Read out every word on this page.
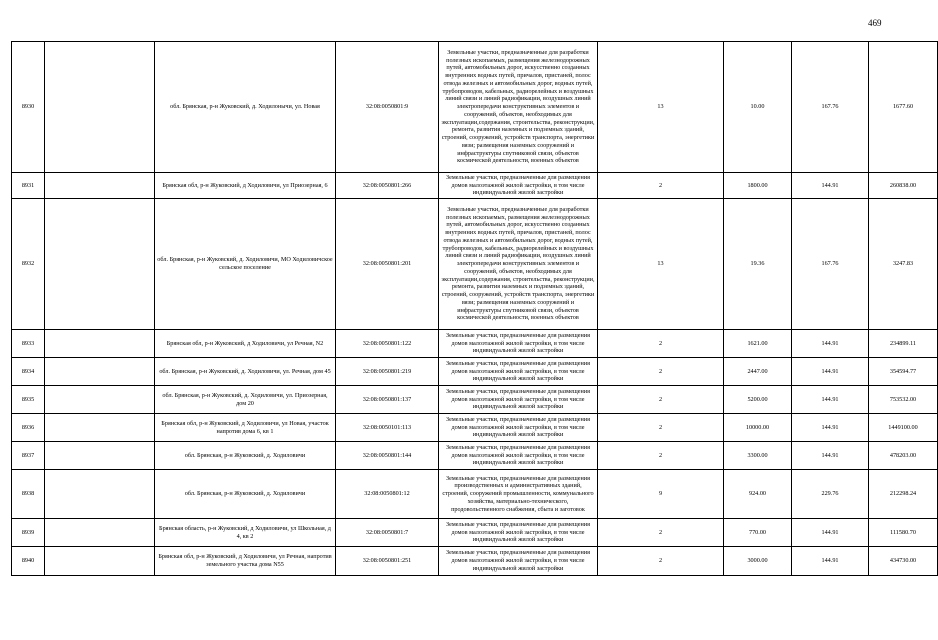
469
8930		обл. Брянская, р-н Жуковский, д. Ходилонычи, ул. Новая	32:08:0050801:9	Земельные участки, предназначенные для разработки полезных ископаемых, размещения железнодорожных путей, автомобильных дорог, искусственно созданных внутренних водных путей, причалов, пристаней, полос отвода железных и автомобильных дорог, водных путей, трубопроводов, кабельных, радиорелейных и воздушных линий связи и линий радиофикации, воздушных линий электропередачи конструктивных элементов и сооружений, объектов, необходимых для эксплуатации,содержания, строительства, реконструкции, ремонта, развития наземных и подземных зданий, строений, сооружений, устройств транспорта, энергетики вязи; размещения наземных сооружений и инфраструктуры спутниковой связи, объектов космической деятельности, военных объектов	13	10.00	167.76	1677.60
8931		Брянская обл, р-н Жуковский, д Ходиловичи, ул Приозерная, 6	32:08:0050801:266	Земельные участки, предназначенные для размещения домов малоэтажной жилой застройки, в том числе индивидуальной жилой застройки	2	1800.00	144.91	260838.00
8932		обл. Брянская, р-н Жуковский, д. Ходиловичи, МО Ходиловичское сельское поселение	32:08:0050801:201	Земельные участки, предназначенные для разработки полезных ископаемых, размещения железнодорожных путей, автомобильных дорог, искусственно созданных внутренних водных путей, причалов, пристаней, полос отвода железных и автомобильных дорог, водных путей, трубопроводов, кабельных, радиорелейных и воздушных линий связи и линий радиофикации, воздушных линий электропередачи конструктивных элементов и сооружений, объектов, необходимых для эксплуатации,содержания, строительства, реконструкции, ремонта, развития наземных и подземных зданий, строений, сооружений, устройств транспорта, энергетики вязи; размещения наземных сооружений и инфраструктуры спутниковой связи, объектов космической деятельности, военных объектов	13	19.36	167.76	3247.83
8933		Брянская обл, р-н Жуковский, д Ходиловичи, ул Речная, N2	32:08:0050801:122	Земельные участки, предназначенные для размещения домов малоэтажной жилой застройки, в том числе индивидуальной жилой застройки	2	1621.00	144.91	234899.11
8934		обл. Брянская, р-н Жуковский, д. Ходиловичи, ул. Речная, дом 45	32:08:0050801:219	Земельные участки, предназначенные для размещения домов малоэтажной жилой застройки, в том числе индивидуальной жилой застройки	2	2447.00	144.91	354594.77
8935		обл. Брянская, р-н Жуковский, д. Ходиловичи, ул. Приозерная, дом 20	32:08:0050801:137	Земельные участки, предназначенные для размещения домов малоэтажной жилой застройки, в том числе индивидуальной жилой застройки	2	5200.00	144.91	753532.00
8936		Брянская обл, р-н Жуковский, д Ходиловичи, ул Новая, участок напротив дома 6, кв 1	32:08:0050101:113	Земельные участки, предназначенные для размещения домов малоэтажной жилой застройки, в том числе индивидуальной жилой застройки	2	10000.00	144.91	1449100.00
8937		обл. Брянская, р-н Жуковский, д. Ходиловичи	32:08:0050801:144	Земельные участки, предназначенные для размещения домов малоэтажной жилой застройки, в том числе индивидуальной жилой застройки	2	3300.00	144.91	478203.00
8938		обл. Брянская, р-н Жуковский, д. Ходиловичи	32:08:0050801:12	Земельные участки, предназначенные для размещения производственных и административных зданий, строений, сооружений промышленности, коммунального хозяйства, материально-технического, продовольственного снабжения, сбыта и заготовок	9	924.00	229.76	212298.24
8939		Брянская область, р-н Жуковский, д Ходиловичи, ул Школьная, д 4, кв 2	32:08:0050801:7	Земельные участки, предназначенные для размещения домов малоэтажной жилой застройки, в том числе индивидуальной жилой застройки	2	770.00	144.91	111580.70
8940		Брянская обл, р-н Жуковский, д Ходиловичи, ул Речная, напротив земельного участка дома N55	32:08:0050801:251	Земельные участки, предназначенные для размещения домов малоэтажной жилой застройки, в том числе индивидуальной жилой застройки	2	3000.00	144.91	434730.00
